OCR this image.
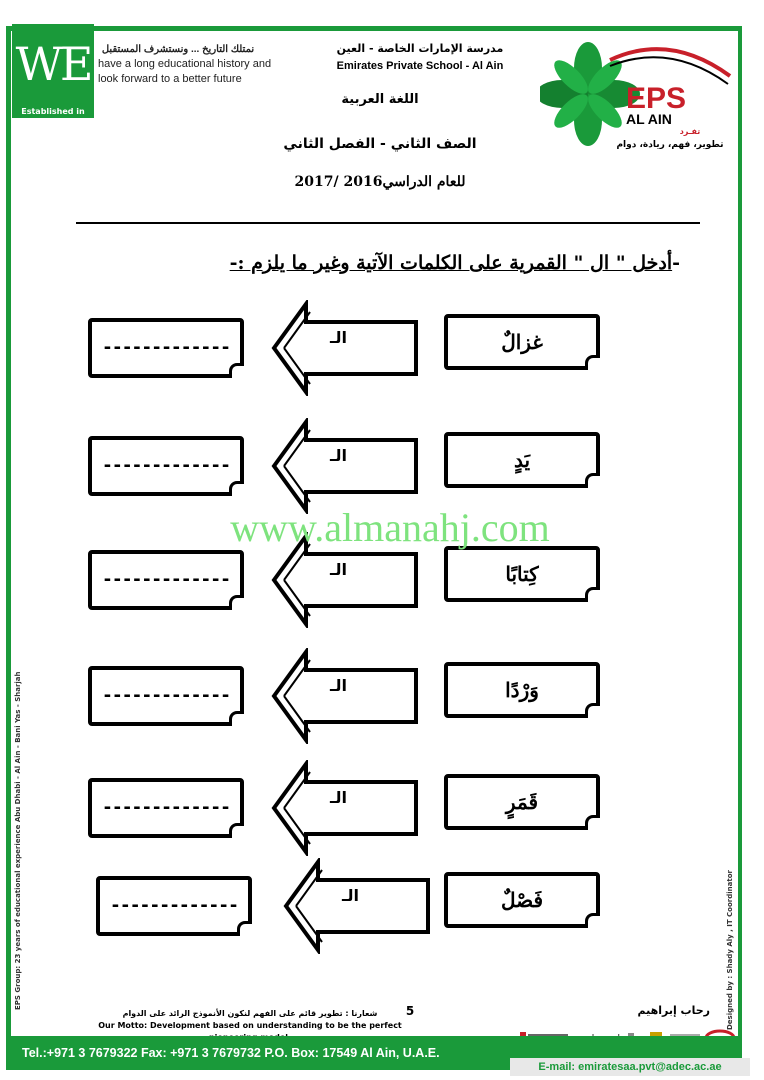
WE
Established in 1988
نمتلك التاريخ ... ونستشرف المستقبل
have a long educational history and
look forward to a better future
مدرسة الإمارات الخاصة - العين
Emirates Private School - Al Ain
EPS
AL AIN
تفـرد
تطوير، فهم، ريادة، دوام
اللغة العربية
الصف الثاني - الفصل الثاني
للعام الدراسي2016 /2017
-أدخل " ال " القمرية على الكلمات الآتية وغير ما يلزم :-
غزالٌ
-------------	الـ
يَدٍ
-------------	الـ
كِتابًا
-------------	الـ
وَرْدًا
-------------	الـ
قَمَرٍ
-------------	الـ
فَصْلٌ
-------------	الـ
www.almanahj.com
شعارنا : تطوير قائم على الفهم لنكون الأنموذج الرائد على الدوام
Our Motto: Development based on understanding to be the perfect
5	رحاب إبراهيم
EPS Group: 23 years of educational experience Abu Dhabi - Al Ain - Bani Yas - Sharjah	Designed by : Shady Aly , IT Coordinator
Tel.:+971 3 7679322 Fax: +971 3 7679732 P.O. Box: 17549 Al Ain, U.A.E.
E-mail: emiratesaa.pvt@adec.ac.ae
